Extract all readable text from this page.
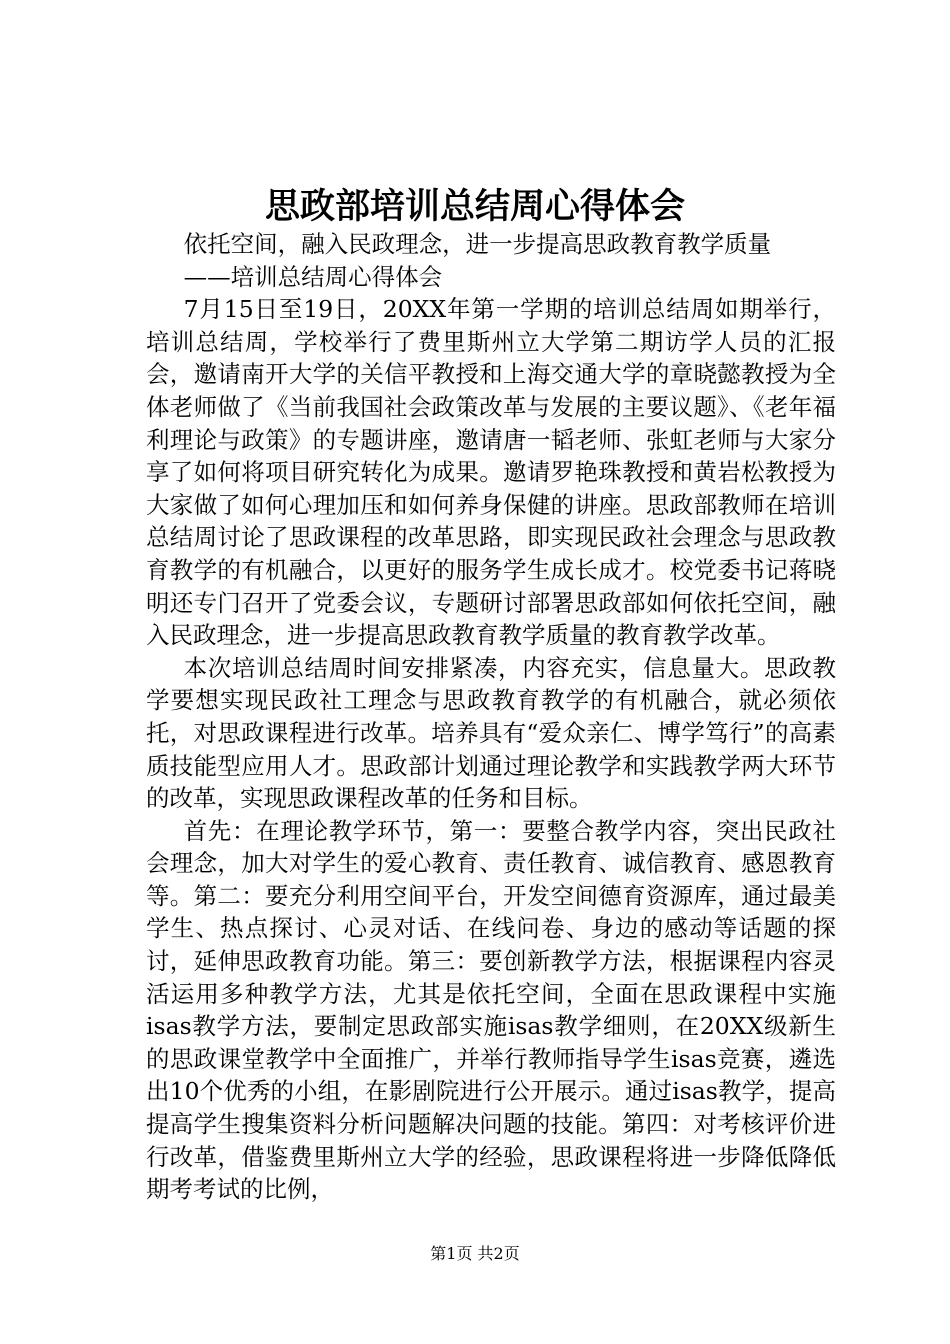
思政部培训总结周心得体会

依托空间，融入民政理念，进一步提高思政教育教学质量

——培训总结周心得体会

7月15日至19日，20XX年第一学期的培训总结周如期举行，培训总结周，学校举行了费里斯州立大学第二期访学人员的汇报会，邀请南开大学的关信平教授和上海交通大学的章晓懿教授为全体老师做了《当前我国社会政策改革与发展的主要议题》、《老年福利理论与政策》的专题讲座，邀请唐一韬老师、张虹老师与大家分享了如何将项目研究转化为成果。邀请罗艳珠教授和黄岩松教授为大家做了如何心理加压和如何养身保健的讲座。思政部教师在培训总结周讨论了思政课程的改革思路，即实现民政社会理念与思政教育教学的有机融合，以更好的服务学生成长成才。校党委书记蒋晓明还专门召开了党委会议，专题研讨部署思政部如何依托空间，融入民政理念，进一步提高思政教育教学质量的教育教学改革。

本次培训总结周时间安排紧凑，内容充实，信息量大。思政教学要想实现民政社工理念与思政教育教学的有机融合，就必须依托，对思政课程进行改革。培养具有“爱众亲仁、博学笃行”的高素质技能型应用人才。思政部计划通过理论教学和实践教学两大环节的改革，实现思政课程改革的任务和目标。

首先：在理论教学环节，第一：要整合教学内容，突出民政社会理念，加大对学生的爱心教育、责任教育、诚信教育、感恩教育等。第二：要充分利用空间平台，开发空间德育资源库，通过最美学生、热点探讨、心灵对话、在线问卷、身边的感动等话题的探讨，延伸思政教育功能。第三：要创新教学方法，根据课程内容灵活运用多种教学方法，尤其是依托空间，全面在思政课程中实施isas教学方法，要制定思政部实施isas教学细则，在20XX级新生的思政课堂教学中全面推广，并举行教师指导学生isas竞赛，遴选出10个优秀的小组，在影剧院进行公开展示。通过isas教学，提高提高学生搜集资料分析问题解决问题的技能。第四：对考核评价进行改革，借鉴费里斯州立大学的经验，思政课程将进一步降低降低期考考试的比例，

第1页 共2页
